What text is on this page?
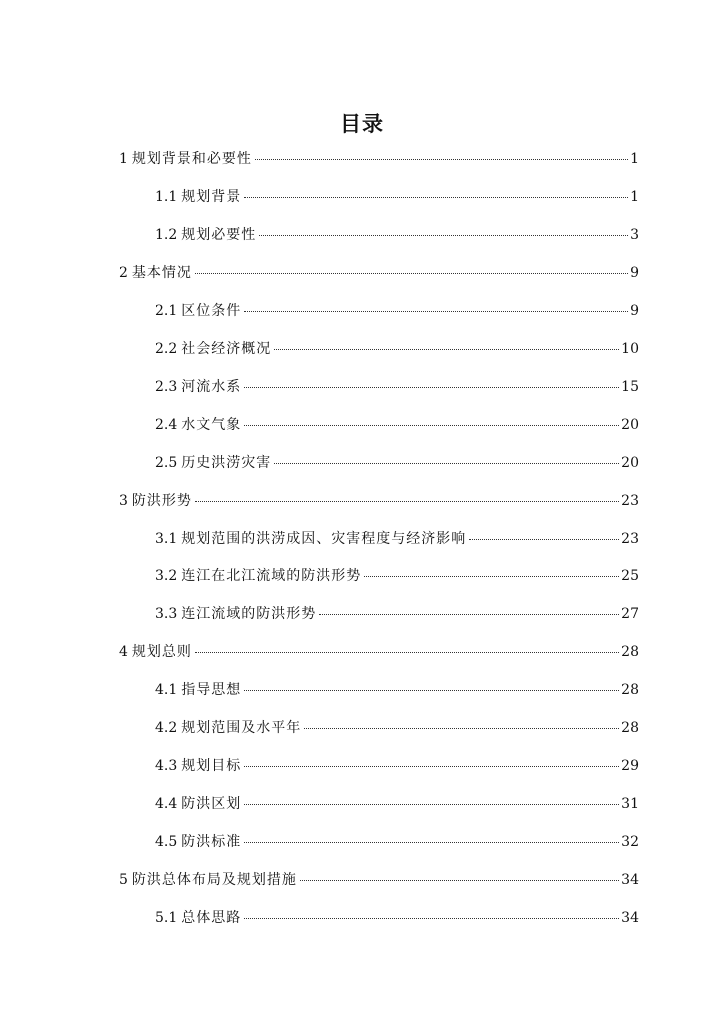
目录
1 规划背景和必要性	1
1.1 规划背景	1
1.2 规划必要性	3
2 基本情况	9
2.1 区位条件	9
2.2 社会经济概况	10
2.3 河流水系	15
2.4 水文气象	20
2.5 历史洪涝灾害	20
3 防洪形势	23
3.1 规划范围的洪涝成因、灾害程度与经济影响	23
3.2 连江在北江流域的防洪形势	25
3.3 连江流域的防洪形势	27
4 规划总则	28
4.1 指导思想	28
4.2 规划范围及水平年	28
4.3 规划目标	29
4.4 防洪区划	31
4.5 防洪标准	32
5 防洪总体布局及规划措施	34
5.1 总体思路	34
